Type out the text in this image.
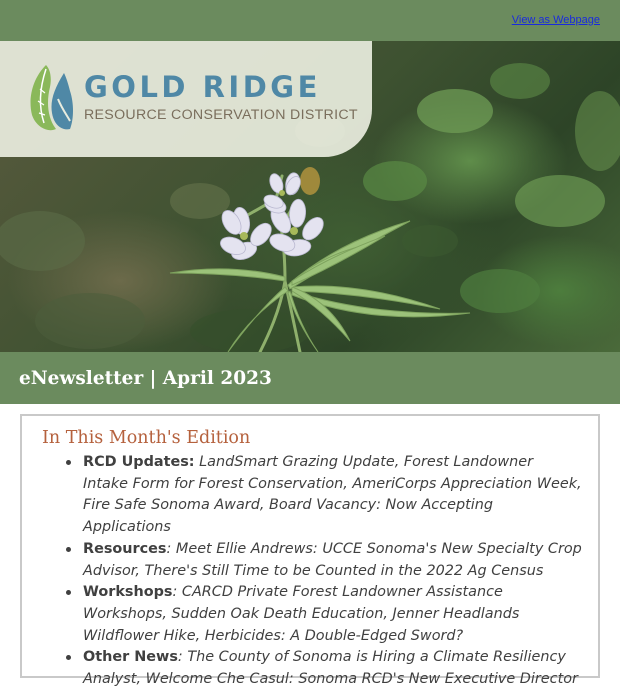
View as Webpage
GOLD RIDGE
RESOURCE CONSERVATION DISTRICT
eNewsletter | April 2023
In This Month's Edition
RCD Updates: LandSmart Grazing Update, Forest Landowner Intake Form for Forest Conservation, AmeriCorps Appreciation Week, Fire Safe Sonoma Award, Board Vacancy: Now Accepting Applications
Resources: Meet Ellie Andrews: UCCE Sonoma's New Specialty Crop Advisor, There's Still Time to be Counted in the 2022 Ag Census
Workshops: CARCD Private Forest Landowner Assistance Workshops, Sudden Oak Death Education, Jenner Headlands Wildflower Hike, Herbicides: A Double-Edged Sword?
Other News: The County of Sonoma is Hiring a Climate Resiliency Analyst, Welcome Che Casul: Sonoma RCD's New Executive Director
